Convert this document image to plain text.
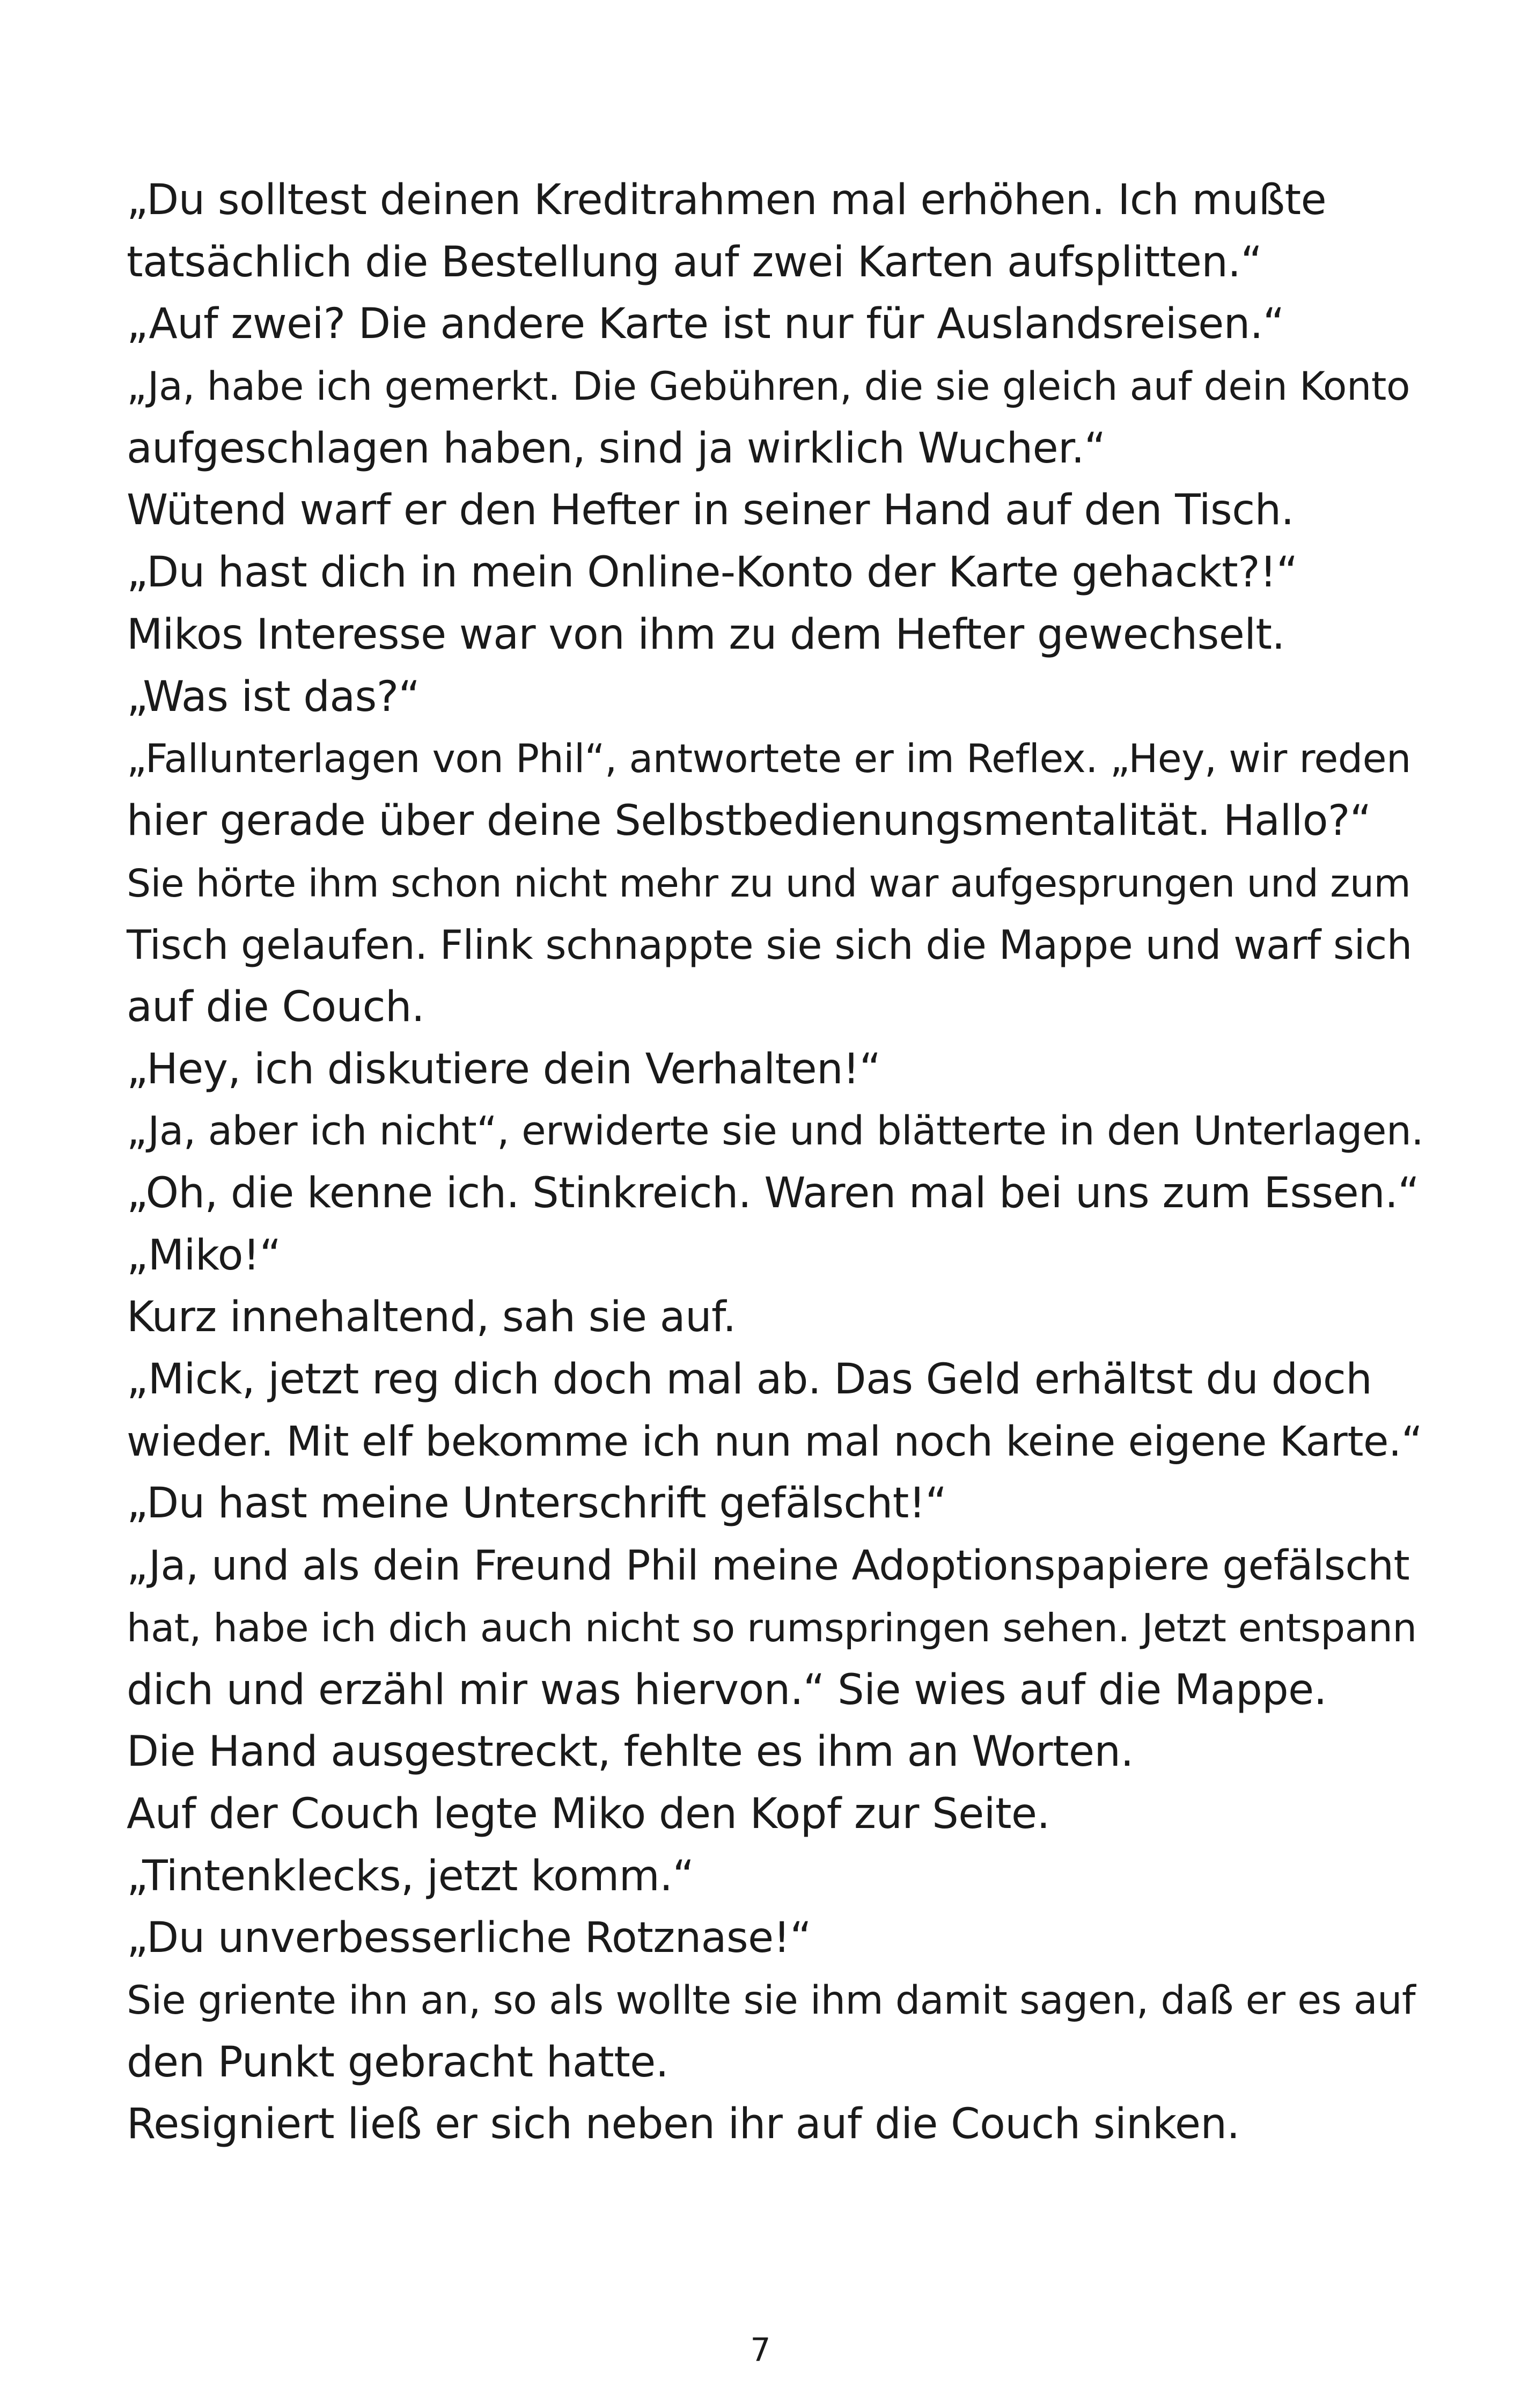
„Du solltest deinen Kreditrahmen mal erhöhen. Ich mußte
tatsächlich die Bestellung auf zwei Karten aufsplitten.“
„Auf zwei? Die andere Karte ist nur für Auslandsreisen.“
„Ja, habe ich gemerkt. Die Gebühren, die sie gleich auf dein Konto
aufgeschlagen haben, sind ja wirklich Wucher.“
Wütend warf er den Hefter in seiner Hand auf den Tisch.
„Du hast dich in mein Online-Konto der Karte gehackt?!“
Mikos Interesse war von ihm zu dem Hefter gewechselt.
„Was ist das?“
„Fallunterlagen von Phil“, antwortete er im Reflex. „Hey, wir reden
hier gerade über deine Selbstbedienungsmentalität. Hallo?“
Sie hörte ihm schon nicht mehr zu und war aufgesprungen und zum
Tisch gelaufen. Flink schnappte sie sich die Mappe und warf sich
auf die Couch.
„Hey, ich diskutiere dein Verhalten!“
„Ja, aber ich nicht“, erwiderte sie und blätterte in den Unterlagen.
„Oh, die kenne ich. Stinkreich. Waren mal bei uns zum Essen.“
„Miko!“
Kurz innehaltend, sah sie auf.
„Mick, jetzt reg dich doch mal ab. Das Geld erhältst du doch
wieder. Mit elf bekomme ich nun mal noch keine eigene Karte.“
„Du hast meine Unterschrift gefälscht!“
„Ja, und als dein Freund Phil meine Adoptionspapiere gefälscht
hat, habe ich dich auch nicht so rumspringen sehen. Jetzt entspann
dich und erzähl mir was hiervon.“ Sie wies auf die Mappe.
Die Hand ausgestreckt, fehlte es ihm an Worten.
Auf der Couch legte Miko den Kopf zur Seite.
„Tintenklecks, jetzt komm.“
„Du unverbesserliche Rotznase!“
Sie griente ihn an, so als wollte sie ihm damit sagen, daß er es auf
den Punkt gebracht hatte.
Resigniert ließ er sich neben ihr auf die Couch sinken.
7
